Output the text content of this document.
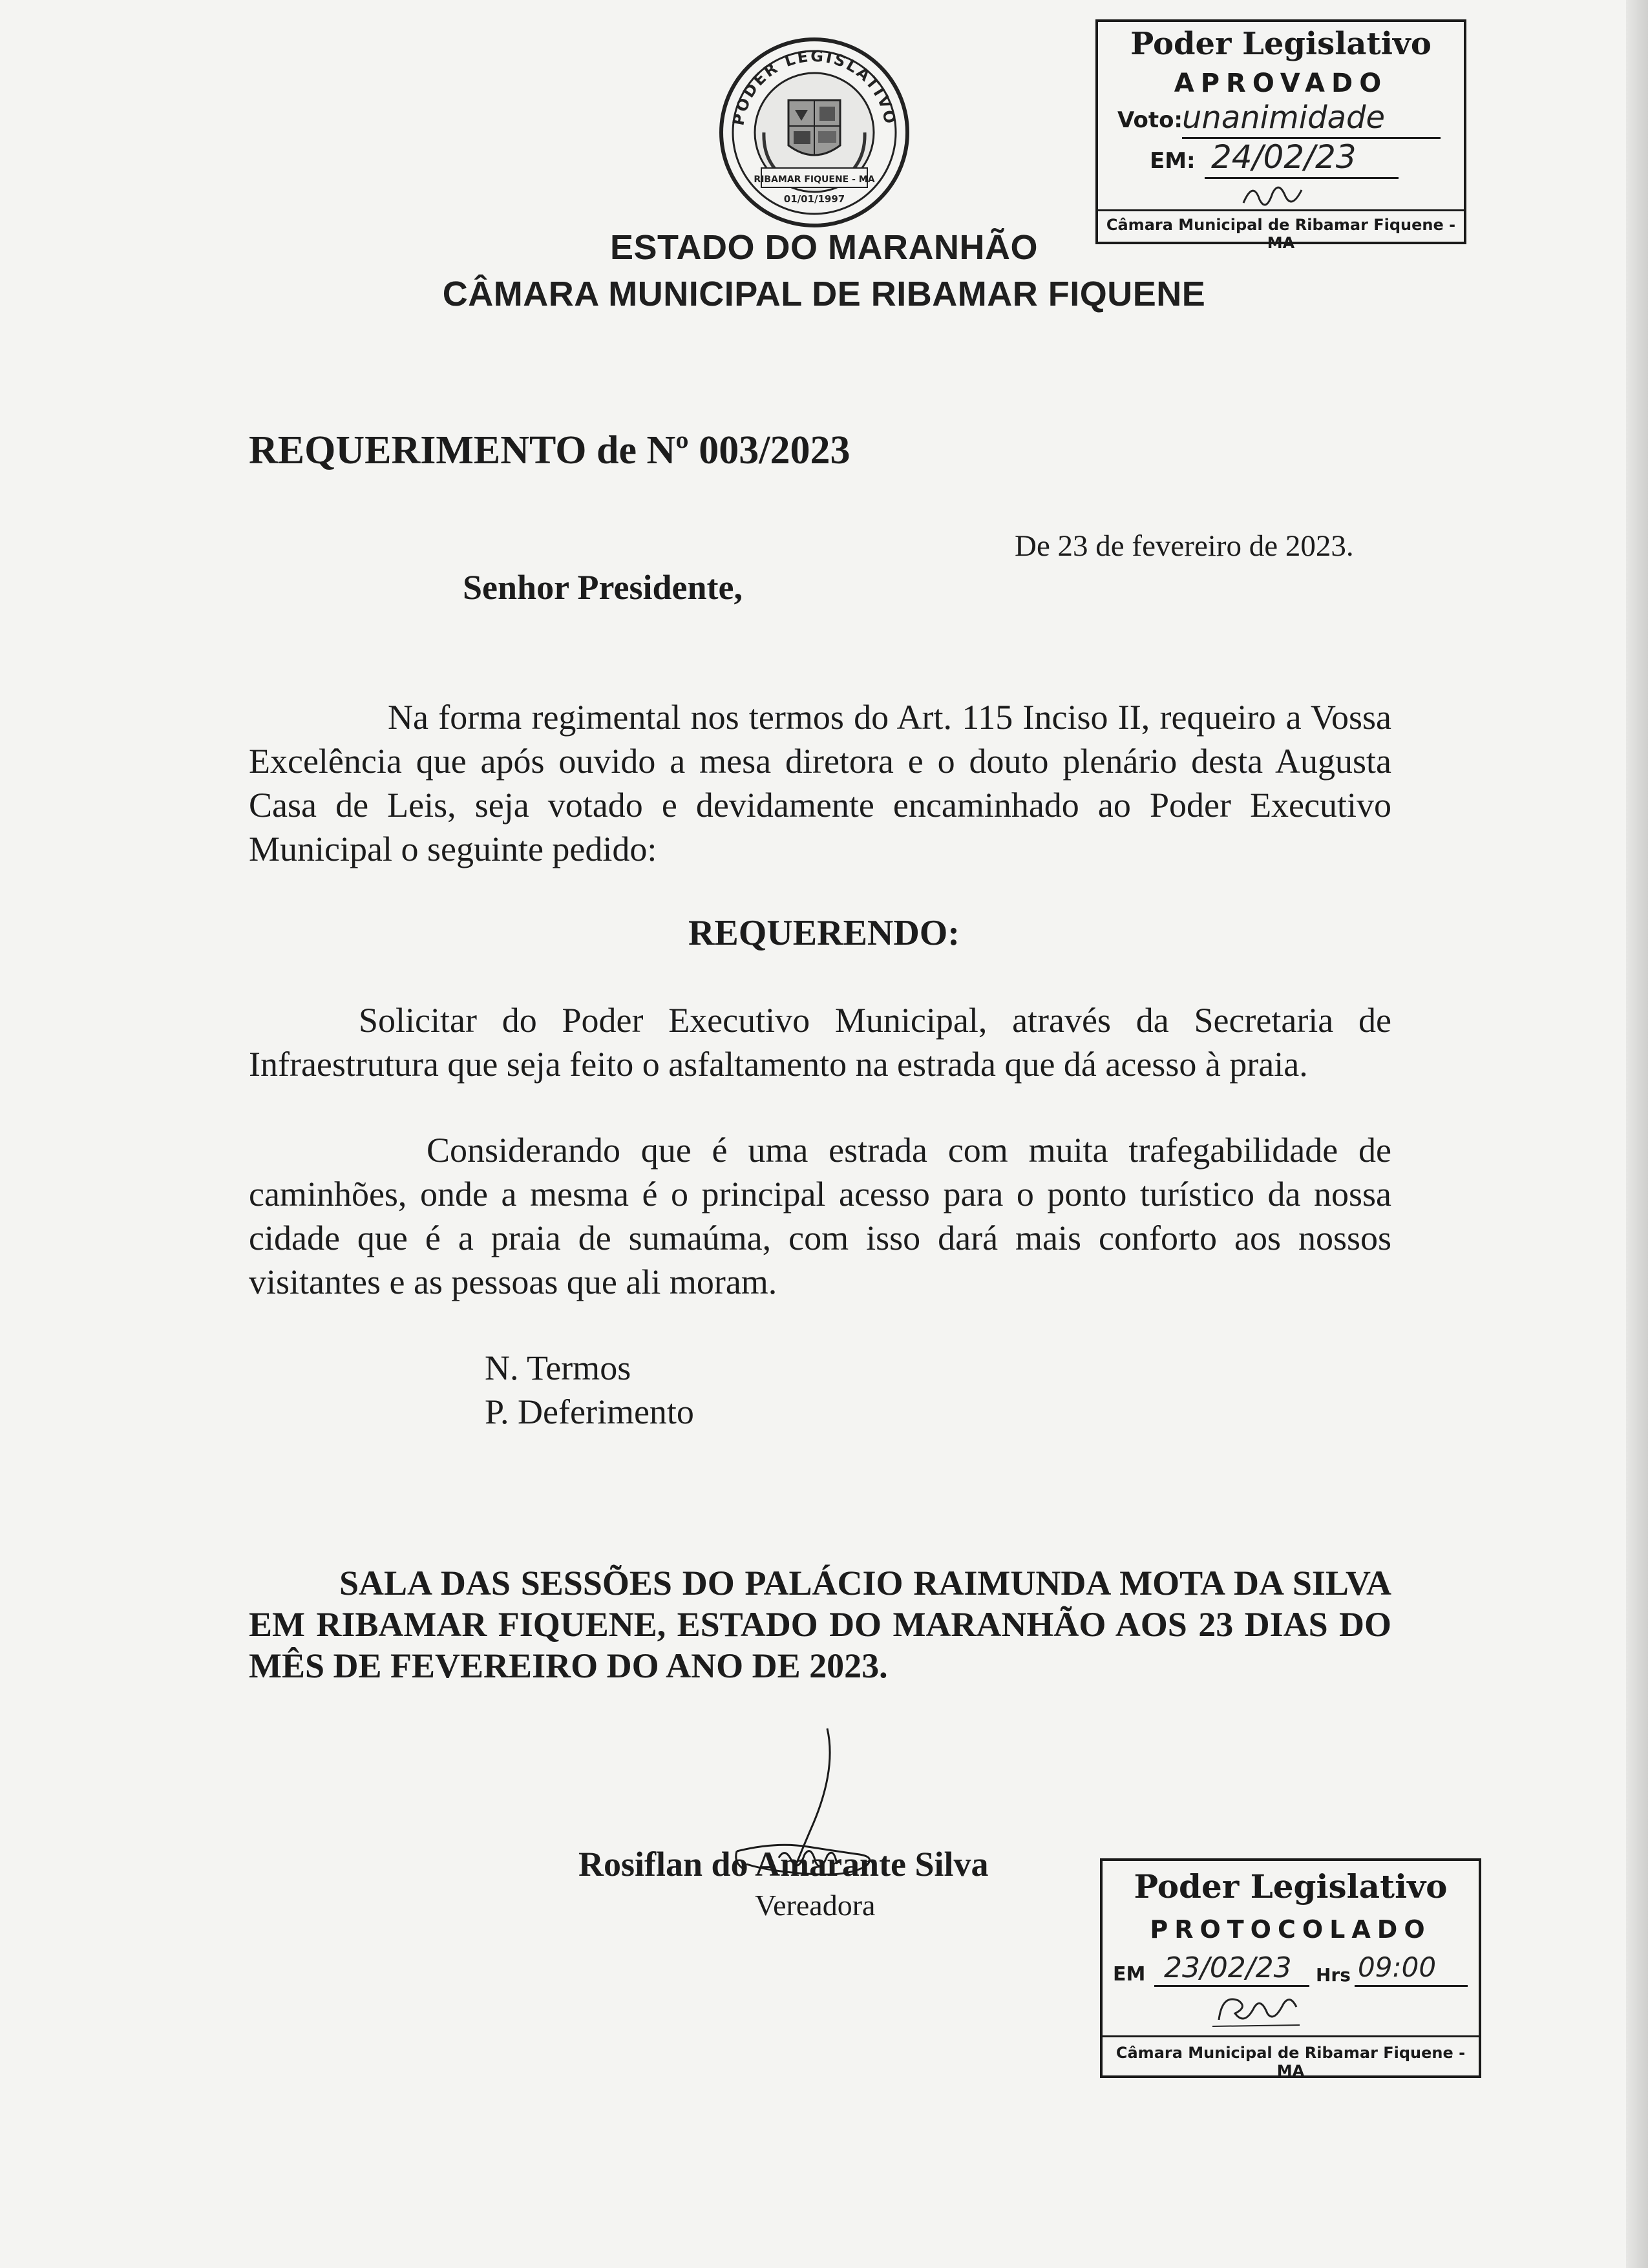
PODER LEGISLATIVO
RIBAMAR FIQUENE - MA
01/01/1997
Poder Legislativo
APROVADO
Voto:
unanimidade
EM: 24/02/23
Câmara Municipal de Ribamar Fiquene - MA
ESTADO DO MARANHÃO
CÂMARA MUNICIPAL DE RIBAMAR FIQUENE
REQUERIMENTO de Nº 003/2023
De 23 de fevereiro de 2023.
Senhor Presidente,
Na forma regimental nos termos do Art. 115 Inciso II, requeiro a Vossa Excelência que após ouvido a mesa diretora e o douto plenário desta Augusta Casa de Leis, seja votado e devidamente encaminhado ao Poder Executivo Municipal o seguinte pedido:
REQUERENDO:
Solicitar do Poder Executivo Municipal, através da Secretaria de Infraestrutura que seja feito o asfaltamento na estrada que dá acesso à praia.
Considerando que é uma estrada com muita trafegabilidade de caminhões, onde a mesma é o principal acesso para o ponto turístico da nossa cidade que é a praia de sumaúma, com isso dará mais conforto aos nossos visitantes e as pessoas que ali moram.
N. Termos
P. Deferimento
SALA DAS SESSÕES DO PALÁCIO RAIMUNDA MOTA DA SILVA EM RIBAMAR FIQUENE, ESTADO DO MARANHÃO AOS 23 DIAS DO MÊS DE FEVEREIRO DO ANO DE 2023.
Rosiflan do Amarante Silva
Vereadora	Poder Legislativo
PROTOCOLADO
EM 23/02/23 Hrs 09:00
Câmara Municipal de Ribamar Fiquene - MA
